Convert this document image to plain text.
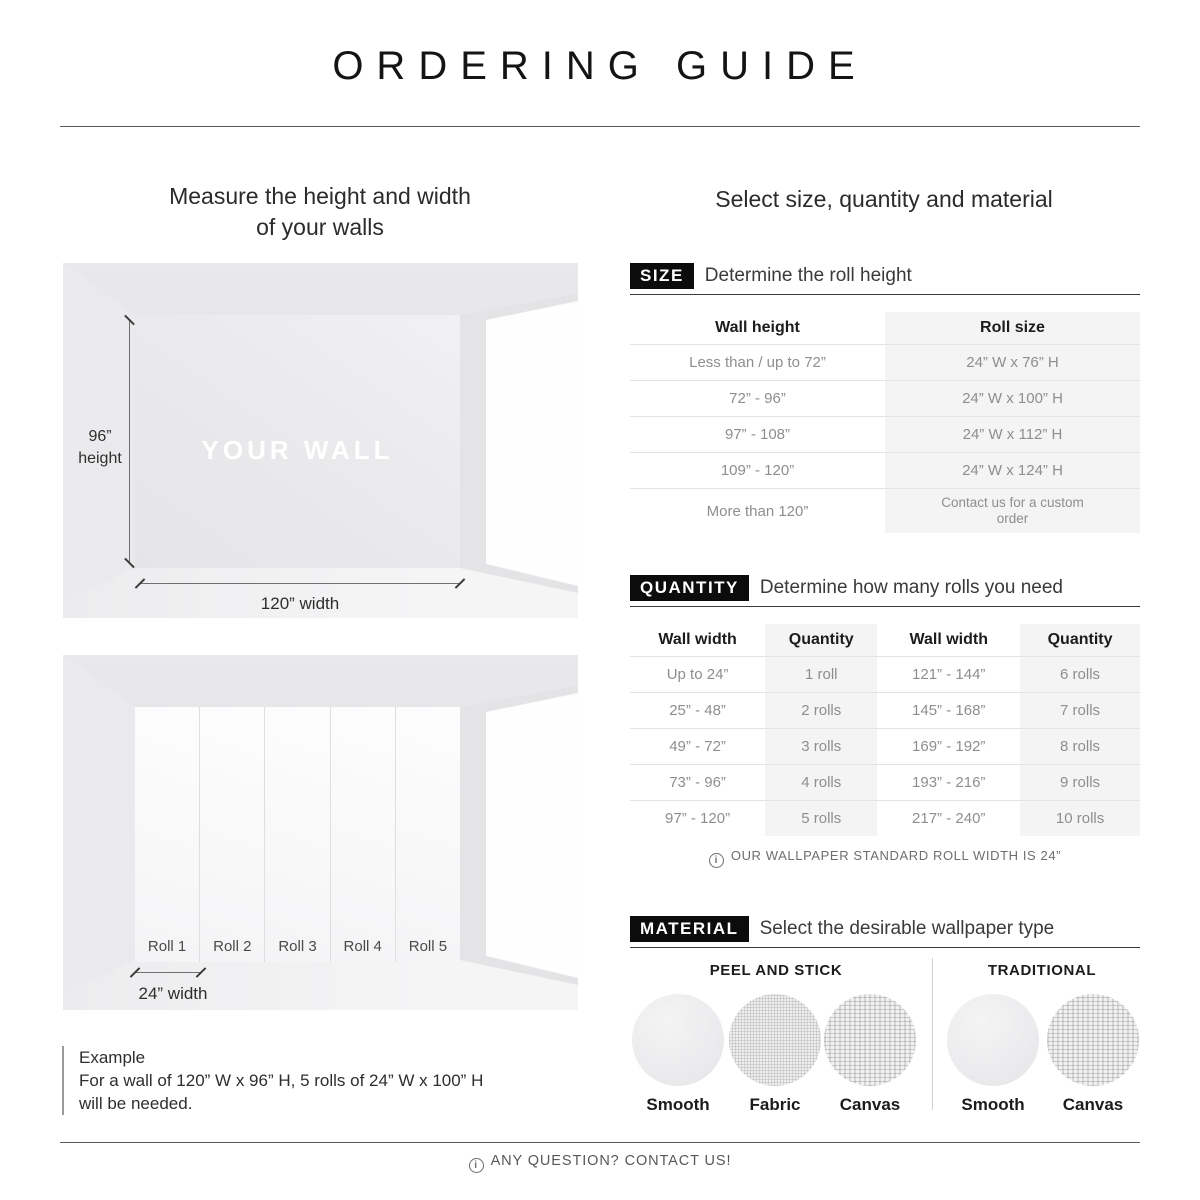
ORDERING GUIDE
Measure the height and width
of your walls
96”
height	YOUR WALL
120” width
Roll 1	Roll 2	Roll 3	Roll 4	Roll 5
24” width
Example
For a wall of 120” W x 96” H, 5 rolls of 24” W x 100” H
will be needed.
Select size, quantity and material
SIZE	Determine the roll height
Wall height	Roll size
Less than / up to 72”	24” W x 76” H
72” - 96”	24” W x 100” H
97” - 108”	24” W x 112” H
109” - 120”	24” W x 124” H
More than 120”	Contact us for a custom order
QUANTITY	Determine how many rolls you need
Wall width	Quantity	Wall width	Quantity
Up to 24”	1 roll	121” - 144”	6 rolls
25” - 48”	2 rolls	145” - 168”	7 rolls
49” - 72”	3 rolls	169” - 192”	8 rolls
73” - 96”	4 rolls	193” - 216”	9 rolls
97” - 120”	5 rolls	217” - 240”	10 rolls
i OUR WALLPAPER STANDARD ROLL WIDTH IS 24”
MATERIAL	Select the desirable wallpaper type
PEEL AND STICK	TRADITIONAL
Smooth	Fabric	Canvas	Smooth	Canvas
i ANY QUESTION? CONTACT US!
